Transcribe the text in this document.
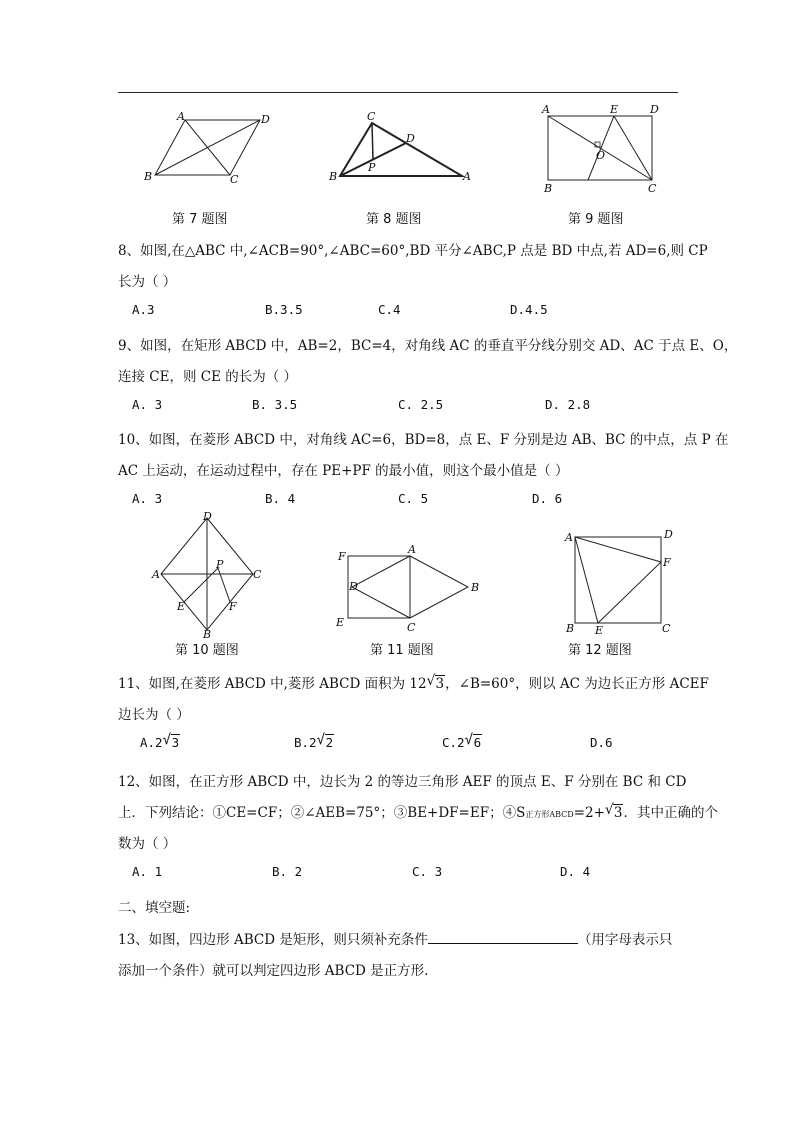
A	D
B	C
第 7 题图
C
D
P
B	A
第 8 题图
A	E	D
O
B	C
第 9 题图
8、如图,在△ABC 中,∠ACB=90°,∠ABC=60°,BD 平分∠ABC,P 点是 BD 中点,若 AD=6,则 CP
长为（ ）
A.3	B.3.5	C.4	D.4.5
9、如图，在矩形 ABCD 中，AB=2，BC=4，对角线 AC 的垂直平分线分别交 AD、AC 于点 E、O，
连接 CE，则 CE 的长为（ ）
A. 3	B. 3.5	C. 2.5	D. 2.8
10、如图，在菱形 ABCD 中，对角线 AC=6，BD=8，点 E、F 分别是边 AB、BC 的中点，点 P 在
AC 上运动，在运动过程中，存在 PE+PF 的最小值，则这个最小值是（ ）
A. 3	B. 4	C. 5	D. 6
D
A
P
C
E	F
B
第 10 题图
F
A
D	B
E	C
第 11 题图
A	D
F
B E	C
第 12 题图
11、如图,在菱形 ABCD 中,菱形 ABCD 面积为 12 √ 3，∠B=60°，则以 AC 为边长正方形 ACEF
边长为（ ）
A.2 √ 3	B.2 √ 2	C.2 √ 6	D.6
12、如图，在正方形 ABCD 中，边长为 2 的等边三角形 AEF 的顶点 E、F 分别在 BC 和 CD
上．下列结论：①CE=CF；②∠AEB=75°；③BE+DF=EF；④S正方形ABCD=2+ √ 3．其中正确的个
数为（ ）
A. 1	B. 2	C. 3	D. 4
二、填空题:
13、如图，四边形 ABCD 是矩形，则只须补充条件	（用字母表示只
添加一个条件）就可以判定四边形 ABCD 是正方形.
